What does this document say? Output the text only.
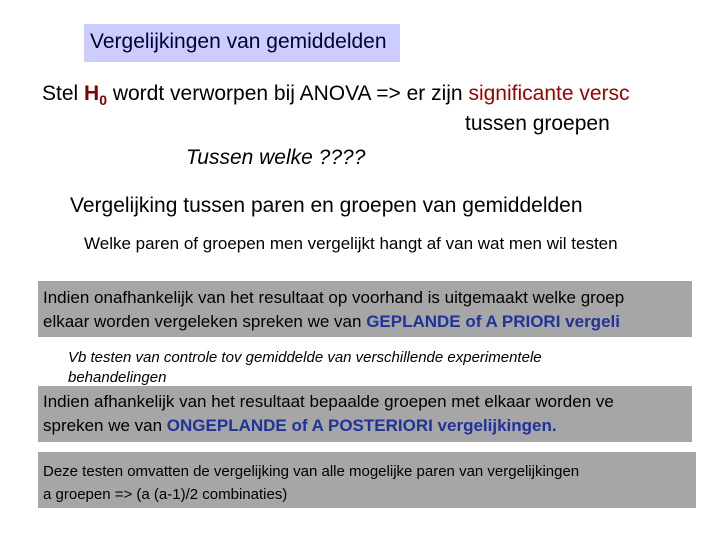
Vergelijkingen van gemiddelden
Stel $H_0$ wordt verworpen bij ANOVA => er zijn significante versc
tussen groepen
Tussen welke ????
Vergelijking tussen paren en groepen van gemiddelden
Welke paren of groepen men vergelijkt hangt af van wat men wil testen
Indien onafhankelijk van het resultaat op voorhand is uitgemaakt welke groep
elkaar worden vergeleken spreken we van GEPLANDE of A PRIORI vergeli
Vb testen van controle tov gemiddelde van verschillende experimentele
behandelingen
Indien afhankelijk van het resultaat bepaalde groepen met elkaar worden ve
spreken we van ONGEPLANDE of A POSTERIORI vergelijkingen.
Deze testen omvatten de vergelijking van alle mogelijke paren van vergelijkingen
a groepen => (a (a-1)/2 combinaties)
